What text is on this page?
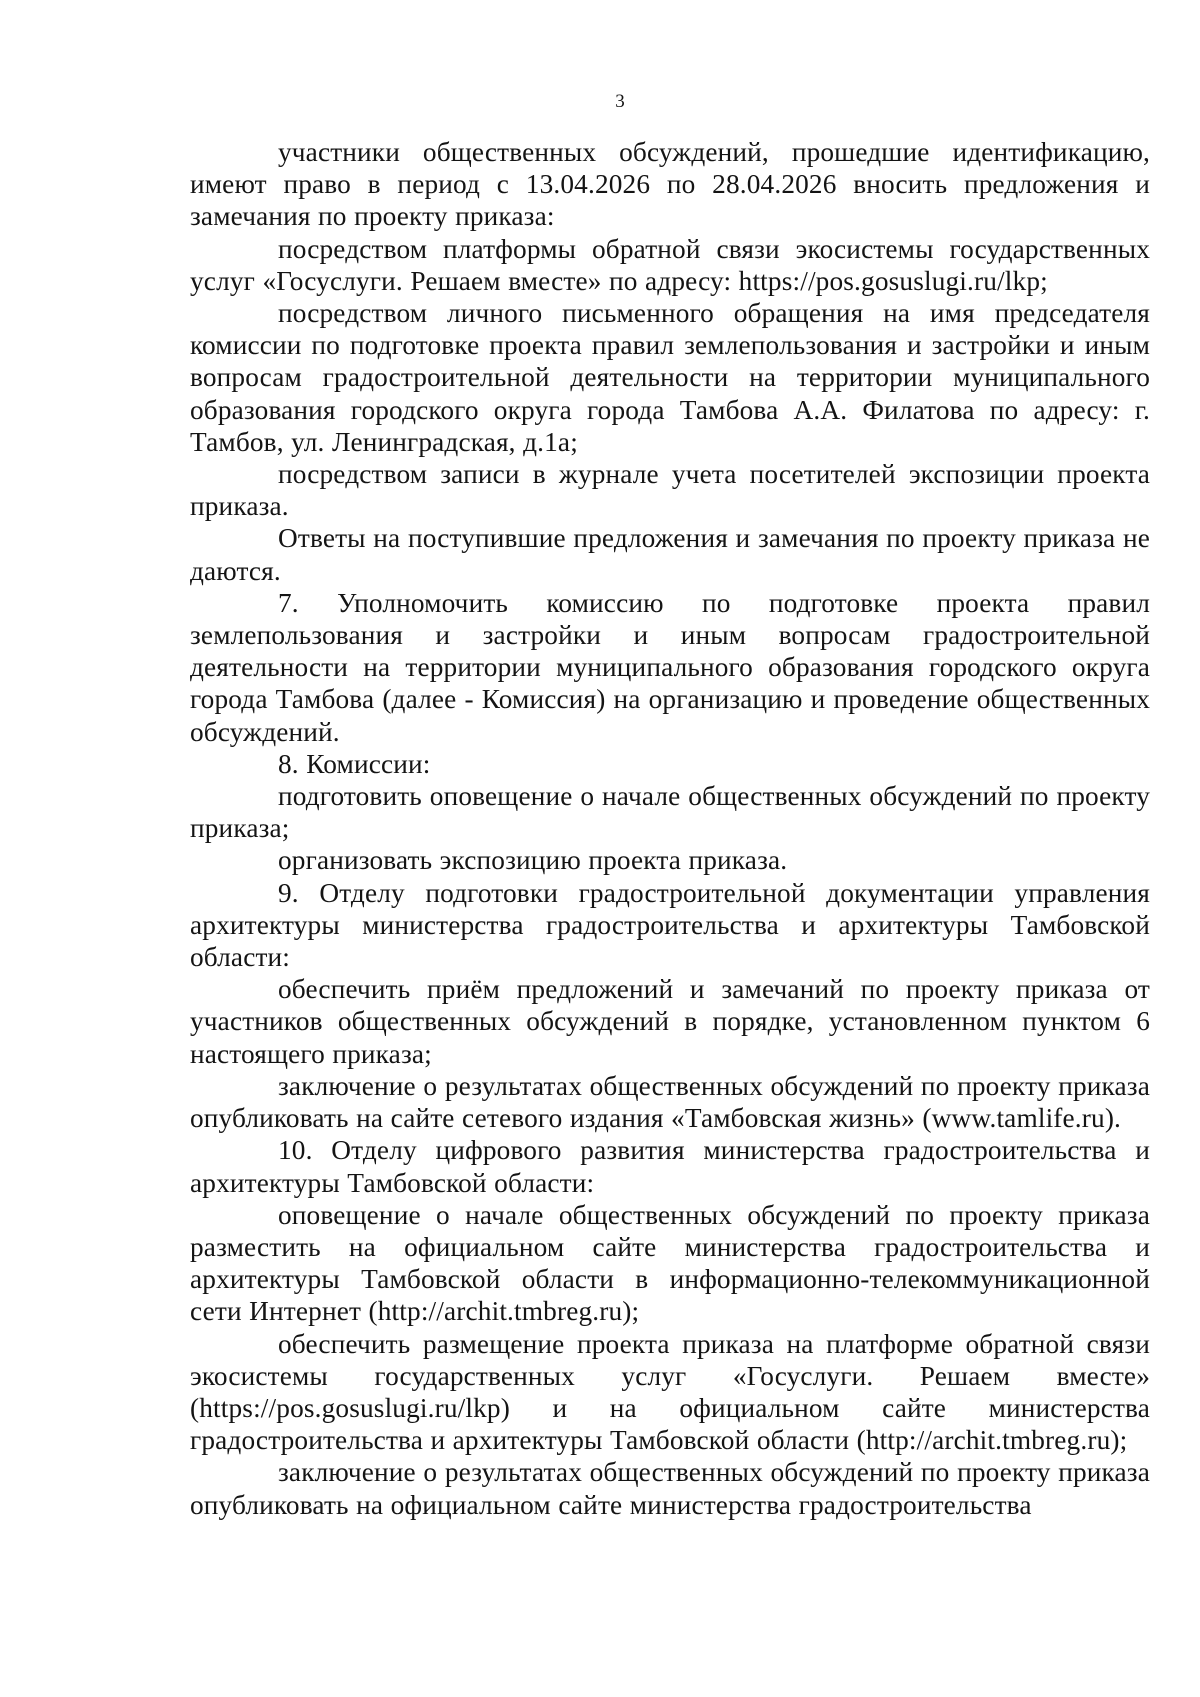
3

участники общественных обсуждений, прошедшие идентификацию, имеют право в период с 13.04.2026 по 28.04.2026 вносить предложения и замечания по проекту приказа:

посредством платформы обратной связи экосистемы государственных услуг «Госуслуги. Решаем вместе» по адресу: https://pos.gosuslugi.ru/lkp;

посредством личного письменного обращения на имя председателя комиссии по подготовке проекта правил землепользования и застройки и иным вопросам градостроительной деятельности на территории муниципального образования городского округа города Тамбова А.А. Филатова по адресу: г. Тамбов, ул. Ленинградская, д.1а;

посредством записи в журнале учета посетителей экспозиции проекта приказа.

Ответы на поступившие предложения и замечания по проекту приказа не даются.

7. Уполномочить комиссию по подготовке проекта правил землепользования и застройки и иным вопросам градостроительной деятельности на территории муниципального образования городского округа города Тамбова (далее - Комиссия) на организацию и проведение общественных обсуждений.

8. Комиссии:

подготовить оповещение о начале общественных обсуждений по проекту приказа;

организовать экспозицию проекта приказа.

9. Отделу подготовки градостроительной документации управления архитектуры министерства градостроительства и архитектуры Тамбовской области:

обеспечить приём предложений и замечаний по проекту приказа от участников общественных обсуждений в порядке, установленном пунктом 6 настоящего приказа;

заключение о результатах общественных обсуждений по проекту приказа опубликовать на сайте сетевого издания «Тамбовская жизнь» (www.tamlife.ru).

10. Отделу цифрового развития министерства градостроительства и архитектуры Тамбовской области:

оповещение о начале общественных обсуждений по проекту приказа разместить на официальном сайте министерства градостроительства и архитектуры Тамбовской области в информационно-телекоммуникационной сети Интернет (http://archit.tmbreg.ru);

обеспечить размещение проекта приказа на платформе обратной связи экосистемы государственных услуг «Госуслуги. Решаем вместе» (https://pos.gosuslugi.ru/lkp) и на официальном сайте министерства градостроительства и архитектуры Тамбовской области (http://archit.tmbreg.ru);

заключение о результатах общественных обсуждений по проекту приказа опубликовать на официальном сайте министерства градостроительства
